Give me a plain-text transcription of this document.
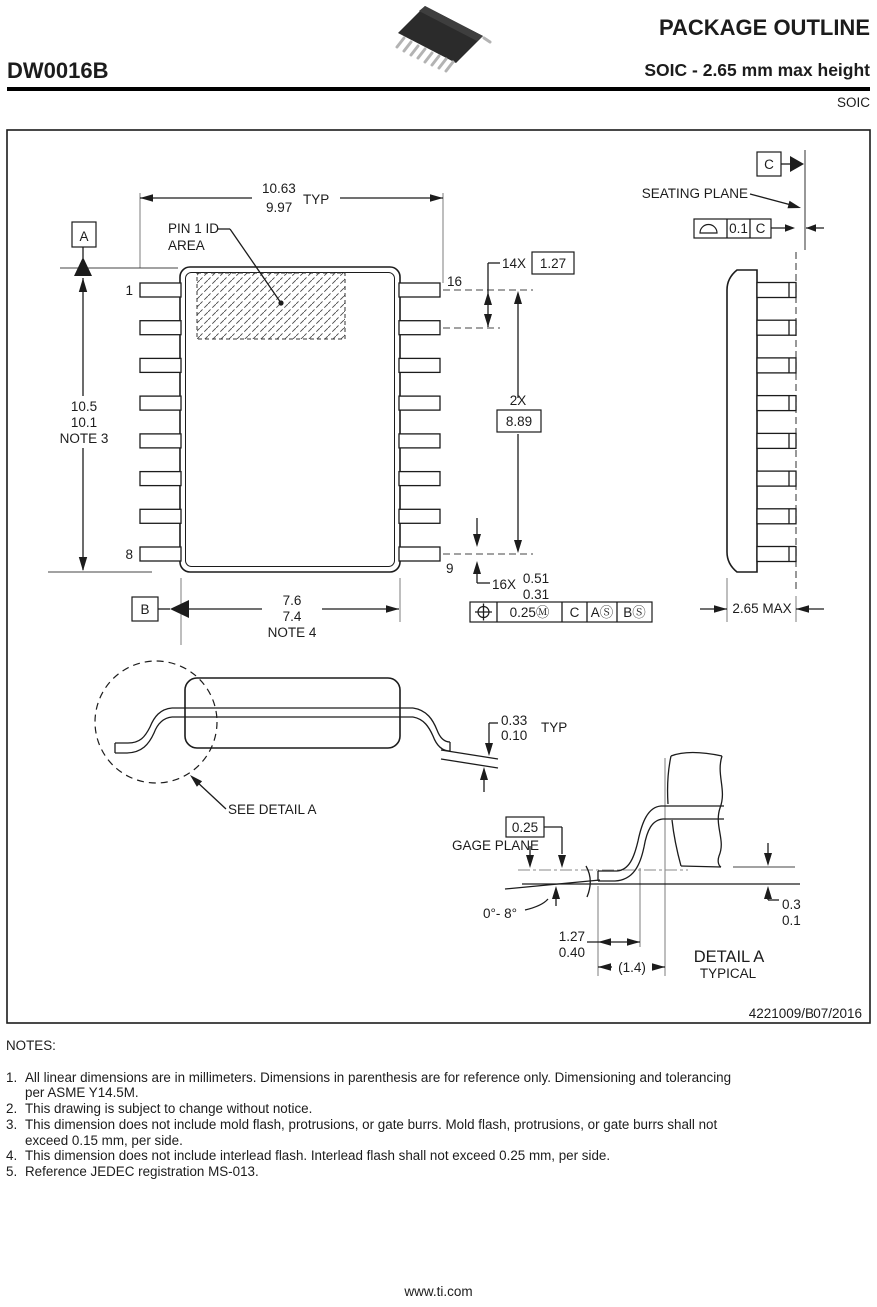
DW0016B
PACKAGE OUTLINE
SOIC - 2.65 mm max height
SOIC
10.63
9.97
TYP
PIN 1 ID
AREA
A
B
C
1
8
9
16
14X 1.27
2X
8.89
10.5
10.1
NOTE 3
7.6
7.4
NOTE 4
16X 0.51
0.31
0.25Ⓜ C AⓈ BⓈ
SEATING PLANE
0.1 C
2.65 MAX
SEE DETAIL A
0.33
0.10
TYP
0.25
GAGE PLANE
0°- 8°
1.27
0.40
(1.4)
0.3
0.1
DETAIL A
TYPICAL
4221009/B 07/2016
NOTES:
1. All linear dimensions are in millimeters. Dimensions in parenthesis are for reference only. Dimensioning and tolerancing
per ASME Y14.5M.
2. This drawing is subject to change without notice.
3. This dimension does not include mold flash, protrusions, or gate burrs. Mold flash, protrusions, or gate burrs shall not
exceed 0.15 mm, per side.
4. This dimension does not include interlead flash. Interlead flash shall not exceed 0.25 mm, per side.
5. Reference JEDEC registration MS-013.
www.ti.com
